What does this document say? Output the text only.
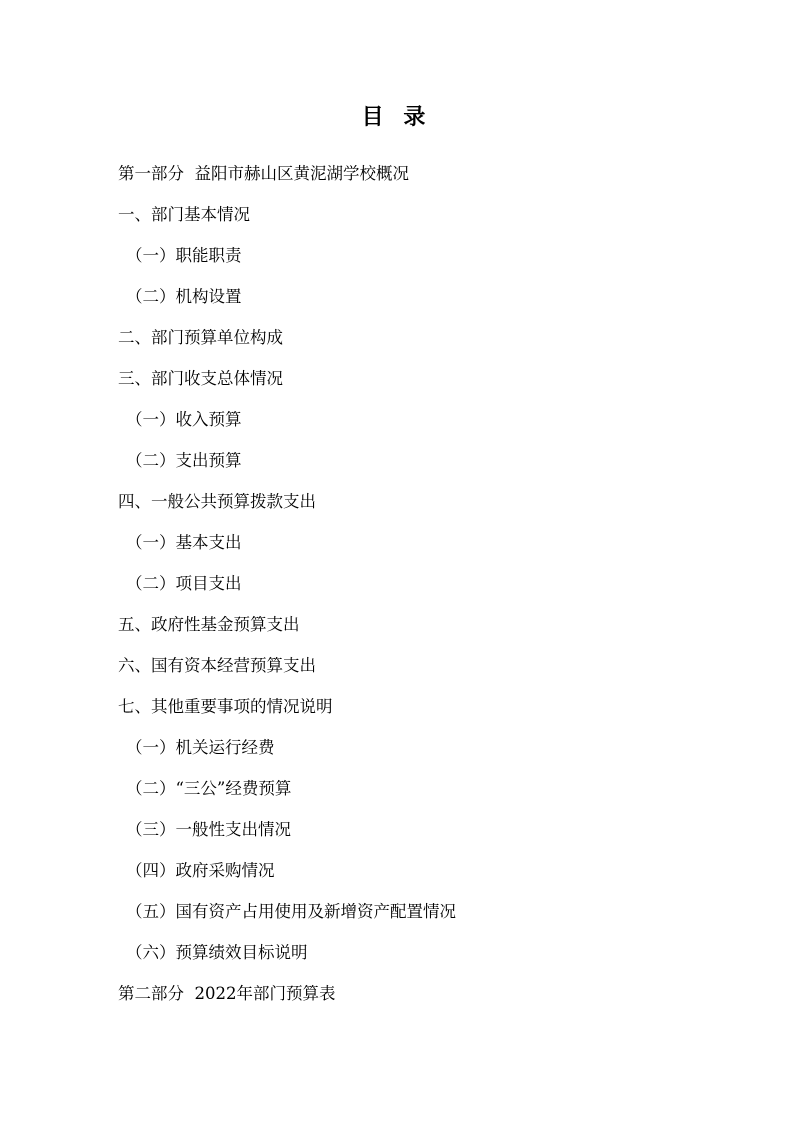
目 录
第一部分  益阳市赫山区黄泥湖学校概况
一、部门基本情况
（一）职能职责
（二）机构设置
二、部门预算单位构成
三、部门收支总体情况
（一）收入预算
（二）支出预算
四、一般公共预算拨款支出
（一）基本支出
（二）项目支出
五、政府性基金预算支出
六、国有资本经营预算支出
七、其他重要事项的情况说明
（一）机关运行经费
（二）“三公”经费预算
（三）一般性支出情况
（四）政府采购情况
（五）国有资产占用使用及新增资产配置情况
（六）预算绩效目标说明
第二部分  2022年部门预算表
